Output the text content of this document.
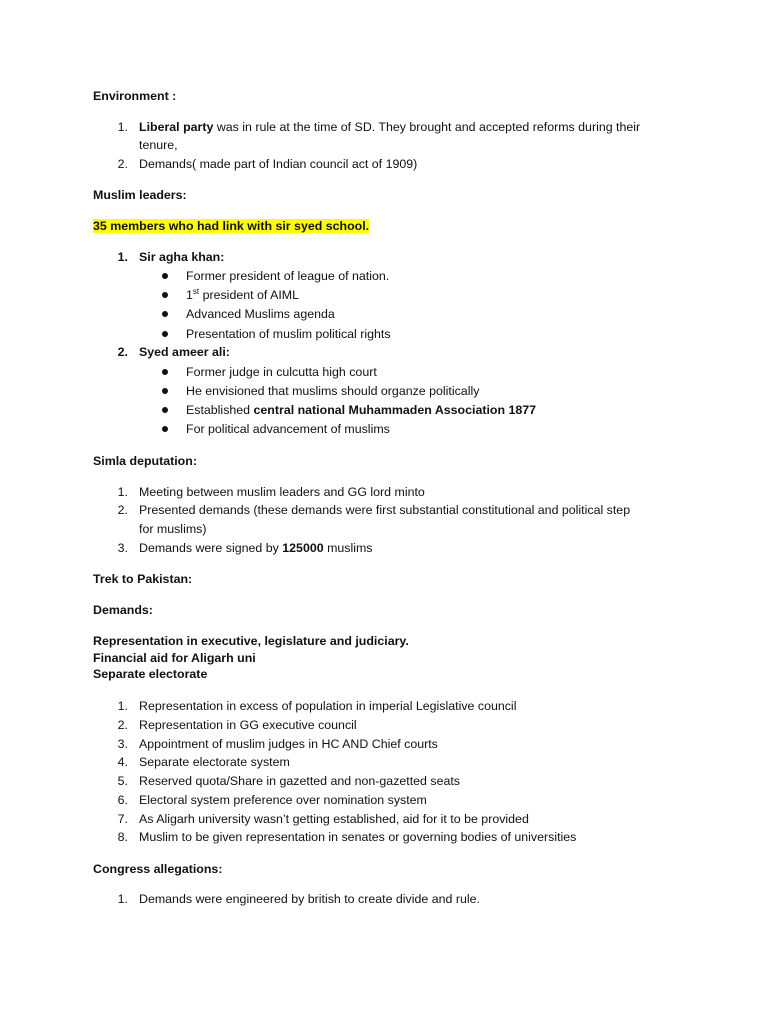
Environment :
1. Liberal party was in rule at the time of SD. They brought and accepted reforms during their
tenure,
2. Demands( made part of Indian council act of 1909)
Muslim leaders:
35 members who had link with sir syed school.
1. Sir agha khan:
Former president of league of nation.
1st president of AIML
Advanced Muslims agenda
Presentation of muslim political rights
2. Syed ameer ali:
Former judge in culcutta high court
He envisioned that muslims should organze politically
Established central national Muhammaden Association 1877
For political advancement of muslims
Simla deputation:
1. Meeting between muslim leaders and GG lord minto
2. Presented demands (these demands were first substantial constitutional and political step
for muslims)
3. Demands were signed by 125000 muslims
Trek to Pakistan:
Demands:
Representation in executive, legislature and judiciary.
Financial aid for Aligarh uni
Separate electorate
1. Representation in excess of population in imperial Legislative council
2. Representation in GG executive council
3. Appointment of muslim judges in HC AND Chief courts
4. Separate electorate system
5. Reserved quota/Share in gazetted and non-gazetted seats
6. Electoral system preference over nomination system
7. As Aligarh university wasn’t getting established, aid for it to be provided
8. Muslim to be given representation in senates or governing bodies of universities
Congress allegations:
1. Demands were engineered by british to create divide and rule.
